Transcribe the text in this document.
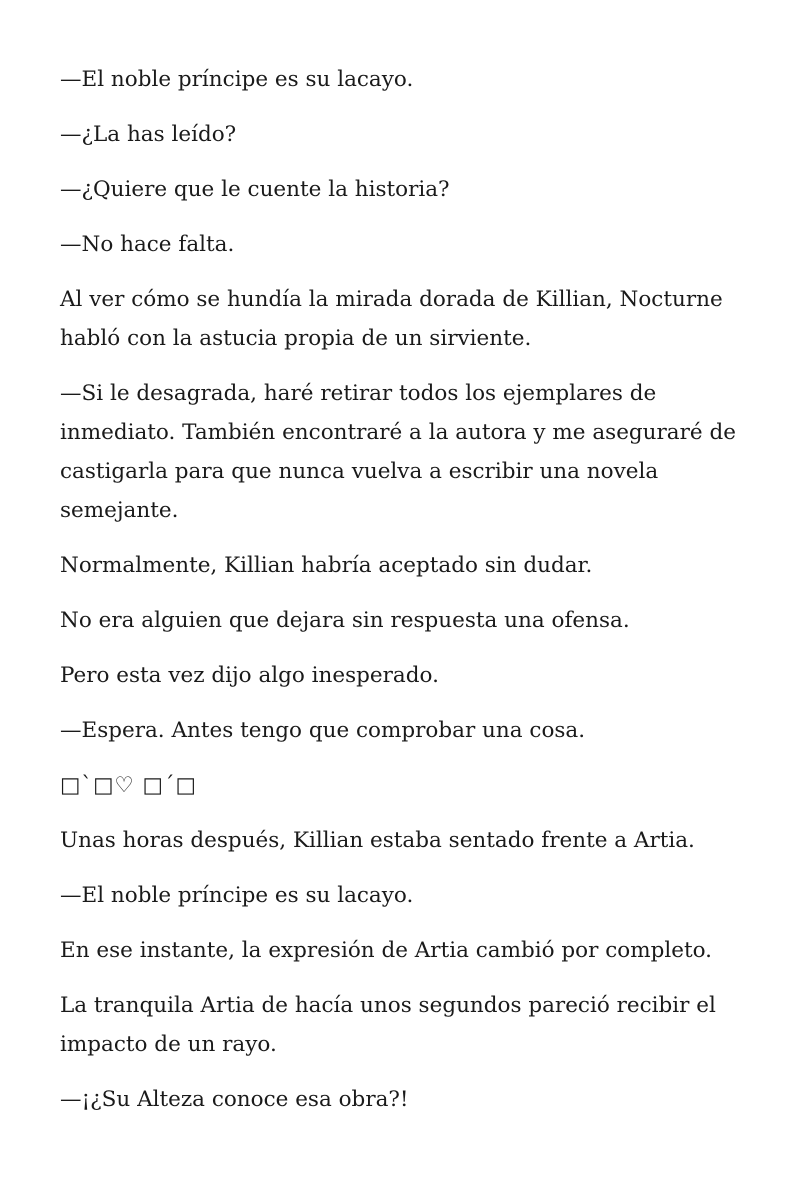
—El noble príncipe es su lacayo.

—¿La has leído?

—¿Quiere que le cuente la historia?

—No hace falta.

Al ver cómo se hundía la mirada dorada de Killian, Nocturne habló con la astucia propia de un sirviente.

—Si le desagrada, haré retirar todos los ejemplares de inmediato. También encontraré a la autora y me aseguraré de castigarla para que nunca vuelva a escribir una novela semejante.

Normalmente, Killian habría aceptado sin dudar.

No era alguien que dejara sin respuesta una ofensa.

Pero esta vez dijo algo inesperado.

—Espera. Antes tengo que comprobar una cosa.

□`□♡ □´□

Unas horas después, Killian estaba sentado frente a Artia.

—El noble príncipe es su lacayo.

En ese instante, la expresión de Artia cambió por completo.

La tranquila Artia de hacía unos segundos pareció recibir el impacto de un rayo.

—¡¿Su Alteza conoce esa obra?!
